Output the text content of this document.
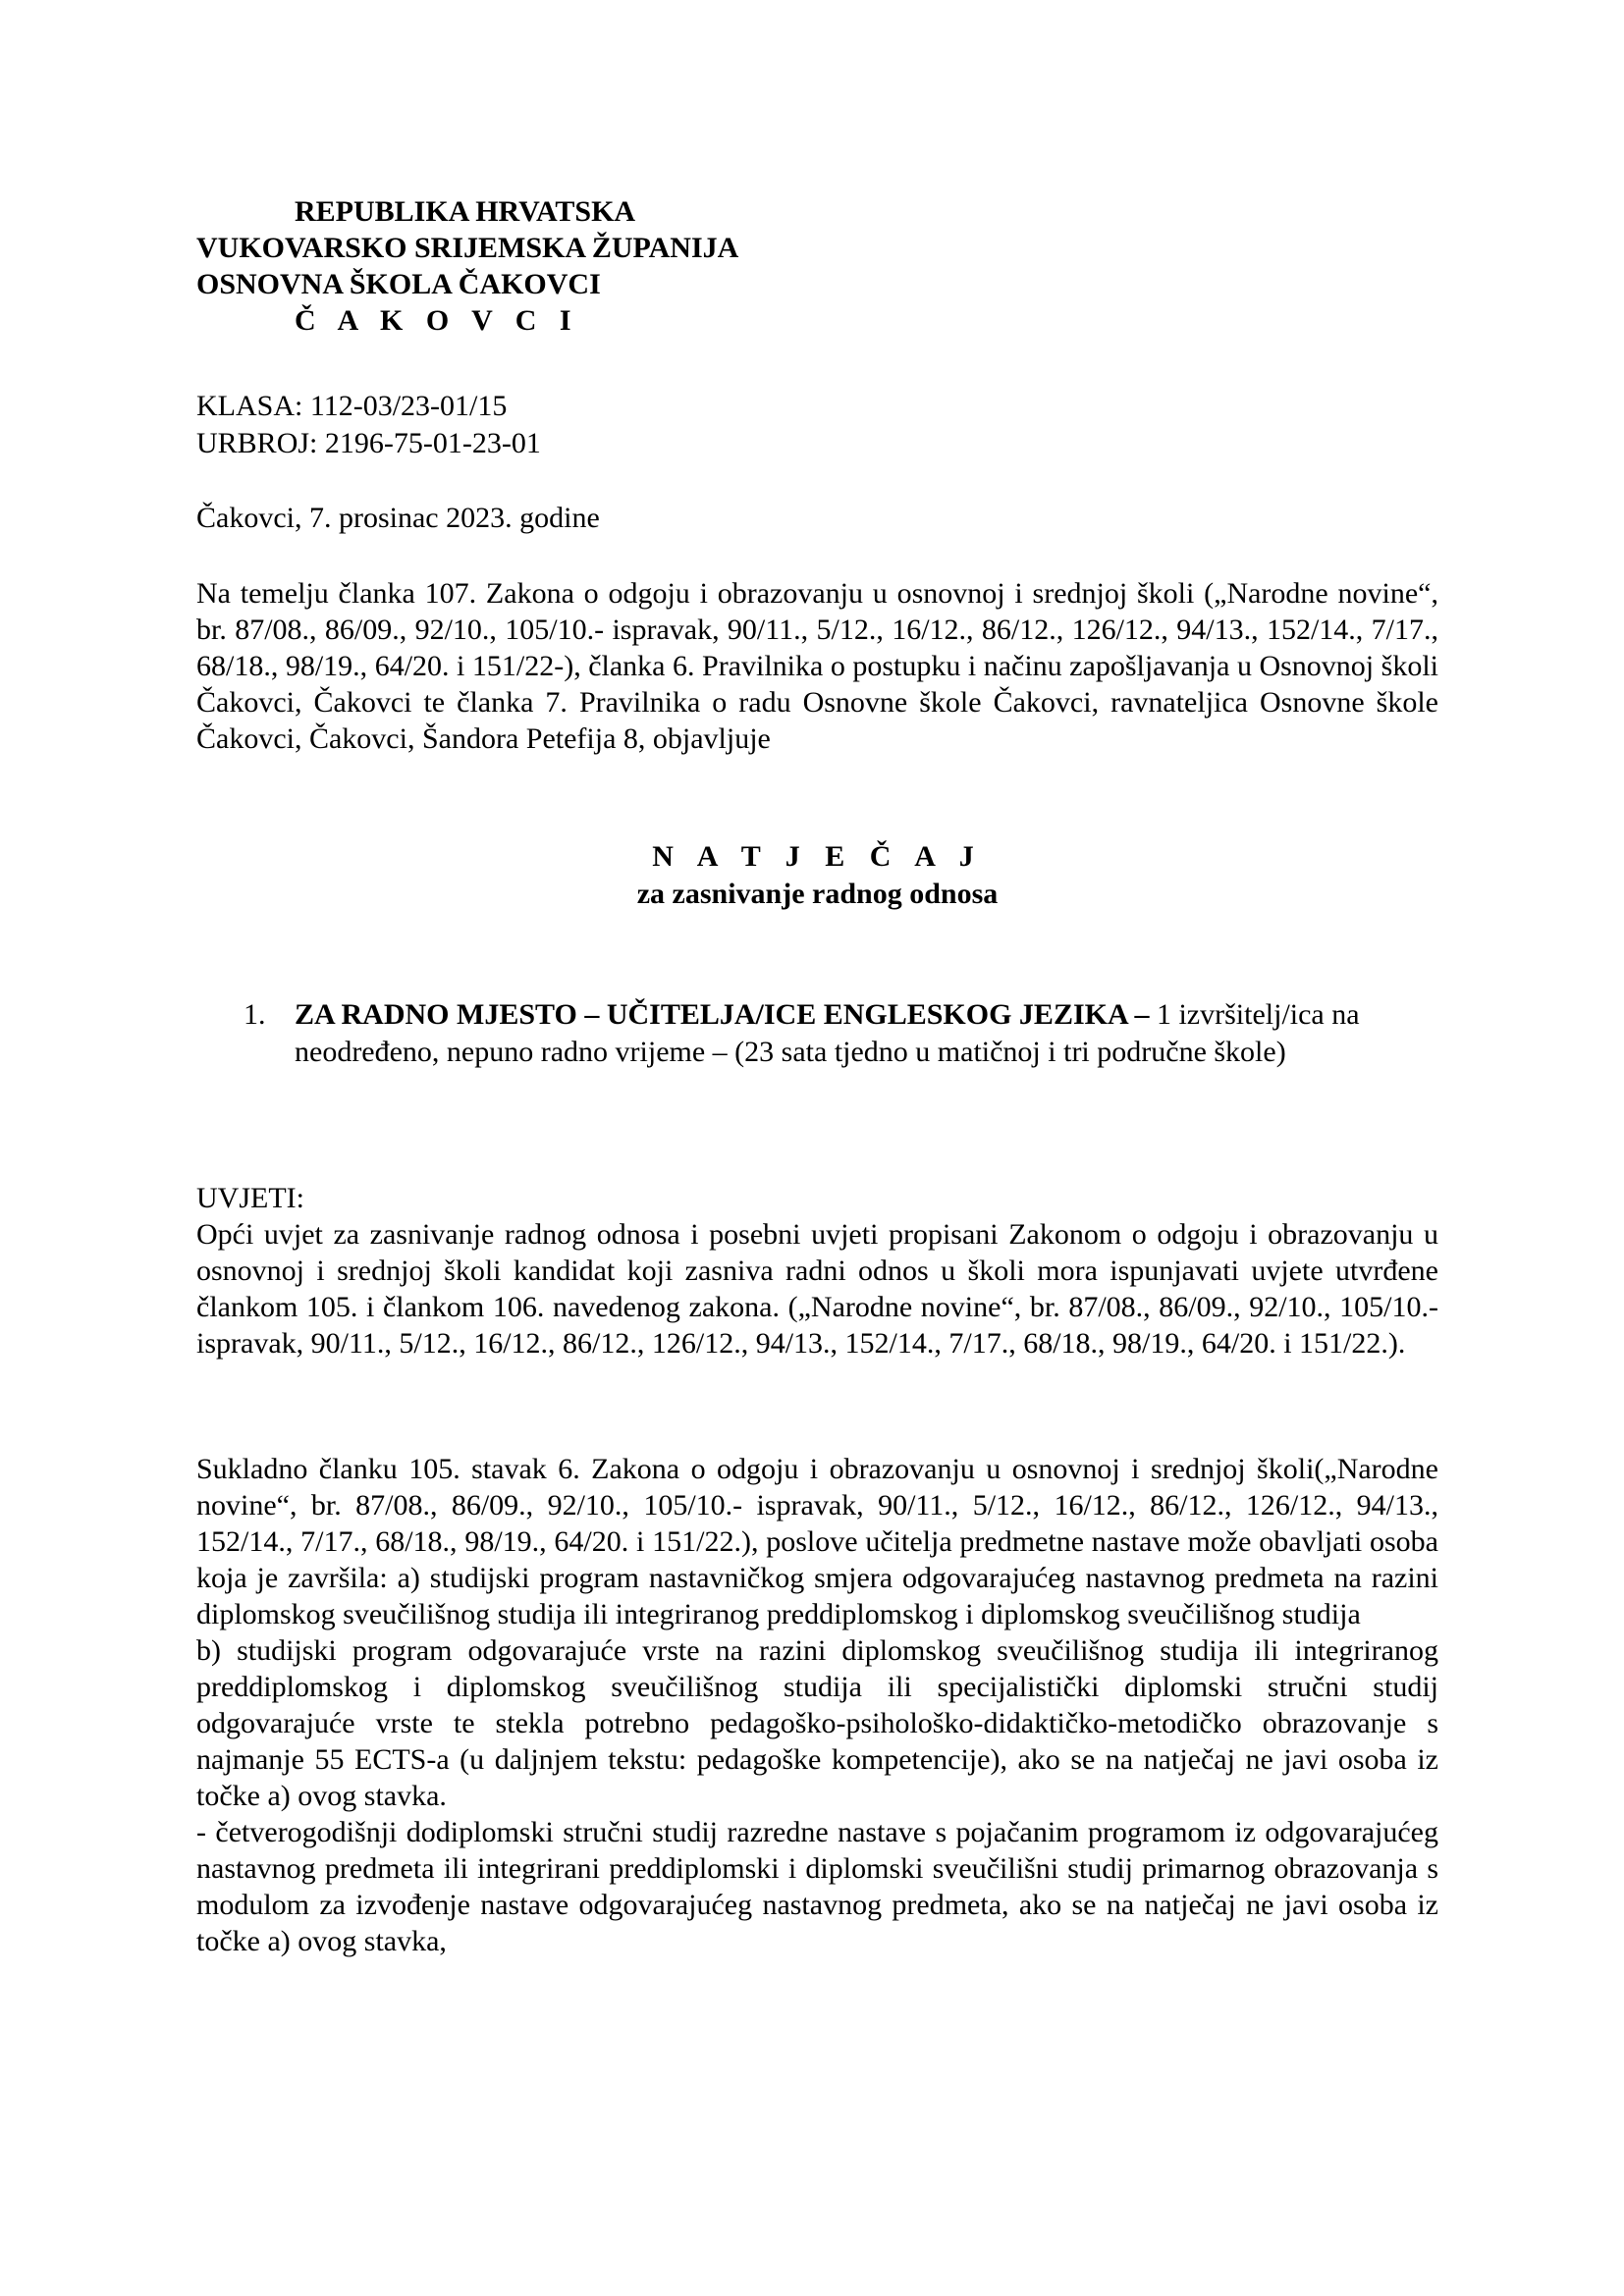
REPUBLIKA HRVATSKA
VUKOVARSKO SRIJEMSKA ŽUPANIJA
OSNOVNA ŠKOLA ČAKOVCI
Č A K O V C I
KLASA: 112-03/23-01/15
URBROJ: 2196-75-01-23-01
Čakovci, 7. prosinac 2023. godine
Na temelju članka 107. Zakona o odgoju i obrazovanju u osnovnoj i srednjoj školi („Narodne novine“, br. 87/08., 86/09., 92/10., 105/10.- ispravak, 90/11., 5/12., 16/12., 86/12., 126/12., 94/13., 152/14., 7/17., 68/18., 98/19., 64/20. i 151/22-), članka 6. Pravilnika o postupku i načinu zapošljavanja u Osnovnoj školi Čakovci, Čakovci te članka 7. Pravilnika o radu Osnovne škole Čakovci, ravnateljica Osnovne škole Čakovci, Čakovci, Šandora Petefija 8, objavljuje
N A T J E Č A J
za zasnivanje radnog odnosa
1. ZA RADNO MJESTO – UČITELJA/ICE ENGLESKOG JEZIKA – 1 izvršitelj/ica na neodređeno, nepuno radno vrijeme – (23 sata tjedno u matičnoj i tri područne škole)
UVJETI:

Opći uvjet za zasnivanje radnog odnosa i posebni uvjeti propisani Zakonom o odgoju i obrazovanju u osnovnoj i srednjoj školi kandidat koji zasniva radni odnos u školi mora ispunjavati uvjete utvrđene člankom 105. i člankom 106. navedenog zakona. („Narodne novine“, br. 87/08., 86/09., 92/10., 105/10.- ispravak, 90/11., 5/12., 16/12., 86/12., 126/12., 94/13., 152/14., 7/17., 68/18., 98/19., 64/20. i 151/22.).

Sukladno članku 105. stavak 6. Zakona o odgoju i obrazovanju u osnovnoj i srednjoj školi(„Narodne novine“, br. 87/08., 86/09., 92/10., 105/10.- ispravak, 90/11., 5/12., 16/12., 86/12., 126/12., 94/13., 152/14., 7/17., 68/18., 98/19., 64/20. i 151/22.), poslove učitelja predmetne nastave može obavljati osoba koja je završila: a) studijski program nastavničkog smjera odgovarajućeg nastavnog predmeta na razini diplomskog sveučilišnog studija ili integriranog preddiplomskog i diplomskog sveučilišnog studija

b) studijski program odgovarajuće vrste na razini diplomskog sveučilišnog studija ili integriranog preddiplomskog i diplomskog sveučilišnog studija ili specijalistički diplomski stručni studij odgovarajuće vrste te stekla potrebno pedagoško-psihološko-didaktičko-metodičko obrazovanje s najmanje 55 ECTS-a (u daljnjem tekstu: pedagoške kompetencije), ako se na natječaj ne javi osoba iz točke a) ovog stavka.

- četverogodišnji dodiplomski stručni studij razredne nastave s pojačanim programom iz odgovarajućeg nastavnog predmeta ili integrirani preddiplomski i diplomski sveučilišni studij primarnog obrazovanja s modulom za izvođenje nastave odgovarajućeg nastavnog predmeta, ako se na natječaj ne javi osoba iz točke a) ovog stavka,
